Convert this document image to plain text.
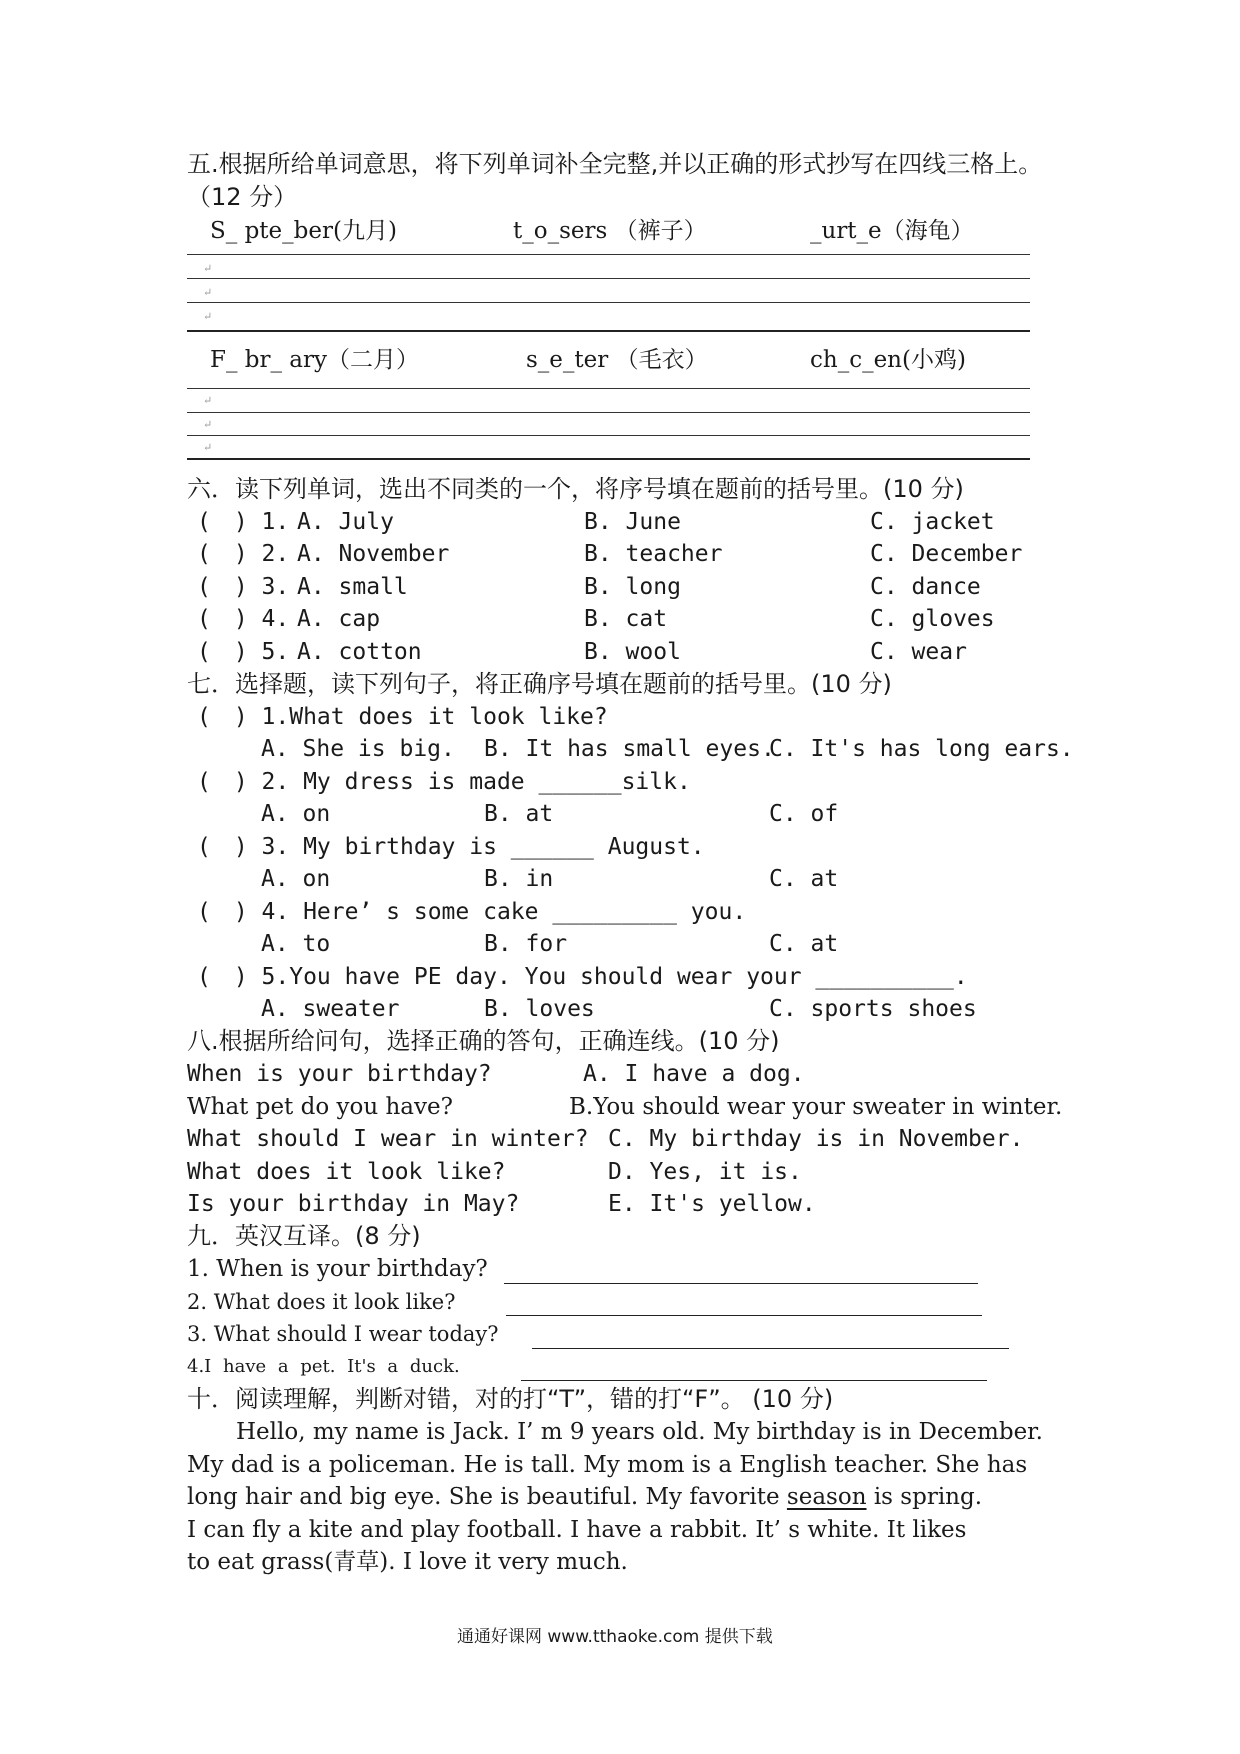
五.根据所给单词意思，将下列单词补全完整,并以正确的形式抄写在四线三格上。
（12 分）
S_ pte_ber(九月)	t_o_sers （裤子）	_urt_e（海龟）
↵
↵
↵
F_ br_ ary（二月）	s_e_ter （毛衣）	ch_c_en(小鸡)
↵
↵
↵
六．读下列单词，选出不同类的一个，将序号填在题前的括号里。(10 分)
(　) 1. A. July	B. June	C. jacket
(　) 2. A. November	B. teacher	C. December
(　) 3. A. small	B. long	C. dance
(　) 4. A. cap	B. cat	C. gloves
(　) 5. A. cotton	B. wool	C. wear
七．选择题，读下列句子，将正确序号填在题前的括号里。(10 分)
(　) 1.What does it look like?
A. She is big. B. It has small eyes.
C. It's has long ears.
(　) 2. My dress is made ______silk.
A. on	B. at	C. of
(　) 3. My birthday is ______ August.
A. on	B. in	C. at
(　) 4. Here’ s some cake _________ you.
A. to	B. for	C. at
(　) 5.You have PE day. You should wear your __________.
A. sweater	B. loves	C. sports shoes
八.根据所给问句，选择正确的答句，正确连线。(10 分)
When is your birthday?	A. I have a dog.
What pet do you have?	B.You should wear your sweater in winter.
What should I wear in winter? C. My birthday is in November.
What does it look like?	D. Yes, it is.
Is your birthday in May?	E. It's yellow.
九．英汉互译。(8 分)
1. When is your birthday?
2. What does it look like?
3. What should I wear today?
4.I have a pet. It's a duck.
十．阅读理解，判断对错，对的打“T”，错的打“F”。 (10 分)
Hello, my name is Jack. I’ m 9 years old. My birthday is in December.
My dad is a policeman. He is tall. My mom is a English teacher. She has
long hair and big eye. She is beautiful. My favorite season is spring.
I can fly a kite and play football. I have a rabbit. It’ s white. It likes
to eat grass(青草). I love it very much.
通通好课网 www.tthaoke.com 提供下载
